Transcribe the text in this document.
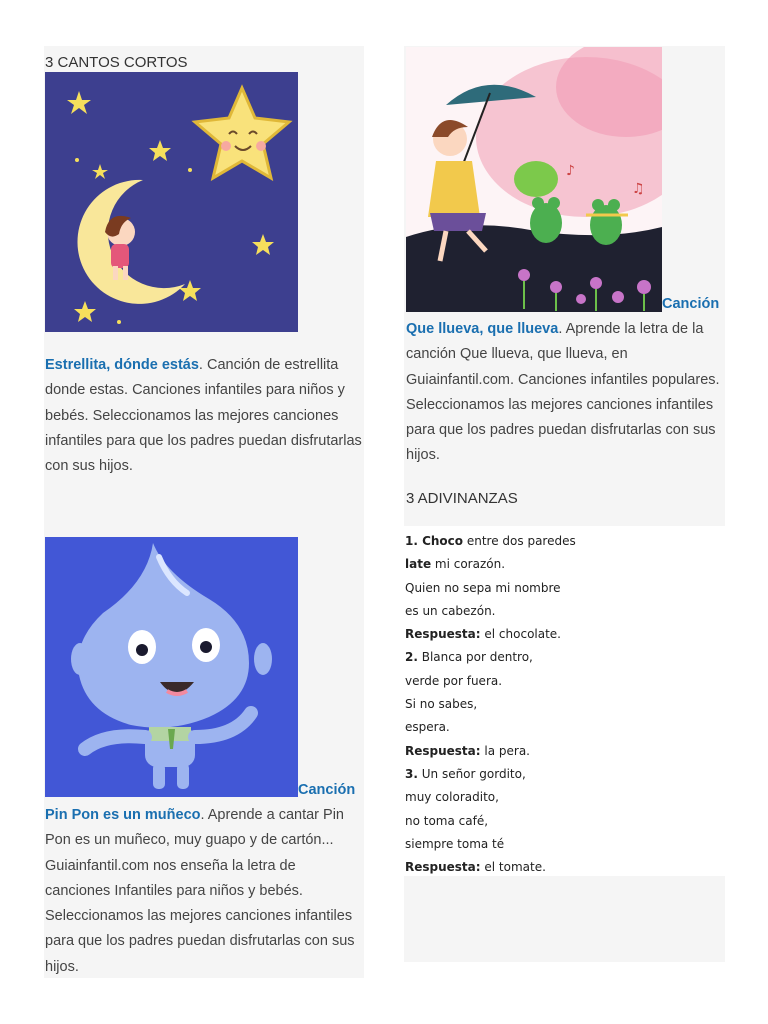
3 CANTOS CORTOS

Estrellita, dónde estás. Canción de estrellita donde estas. Canciones infantiles para niños y bebés. Seleccionamos las mejores canciones infantiles para que los padres puedan disfrutarlas con sus hijos.

Canción

Pin Pon es un muñeco. Aprende a cantar Pin Pon es un muñeco, muy guapo y de cartón... Guiainfantil.com nos enseña la letra de canciones Infantiles para niños y bebés. Seleccionamos las mejores canciones infantiles para que los padres puedan disfrutarlas con sus hijos.

♪
♫
Canción

Que llueva, que llueva. Aprende la letra de la canción Que llueva, que llueva, en Guiainfantil.com. Canciones infantiles populares. Seleccionamos las mejores canciones infantiles para que los padres puedan disfrutarlas con sus hijos.

3 ADIVINANZAS
1. Choco entre dos paredes
late mi corazón.
Quien no sepa mi nombre
es un cabezón.
Respuesta: el chocolate.
2. Blanca por dentro,
verde por fuera.
Si no sabes,
espera.
Respuesta: la pera.
3. Un señor gordito,
muy coloradito,
no toma café,
siempre toma té
Respuesta: el tomate.
